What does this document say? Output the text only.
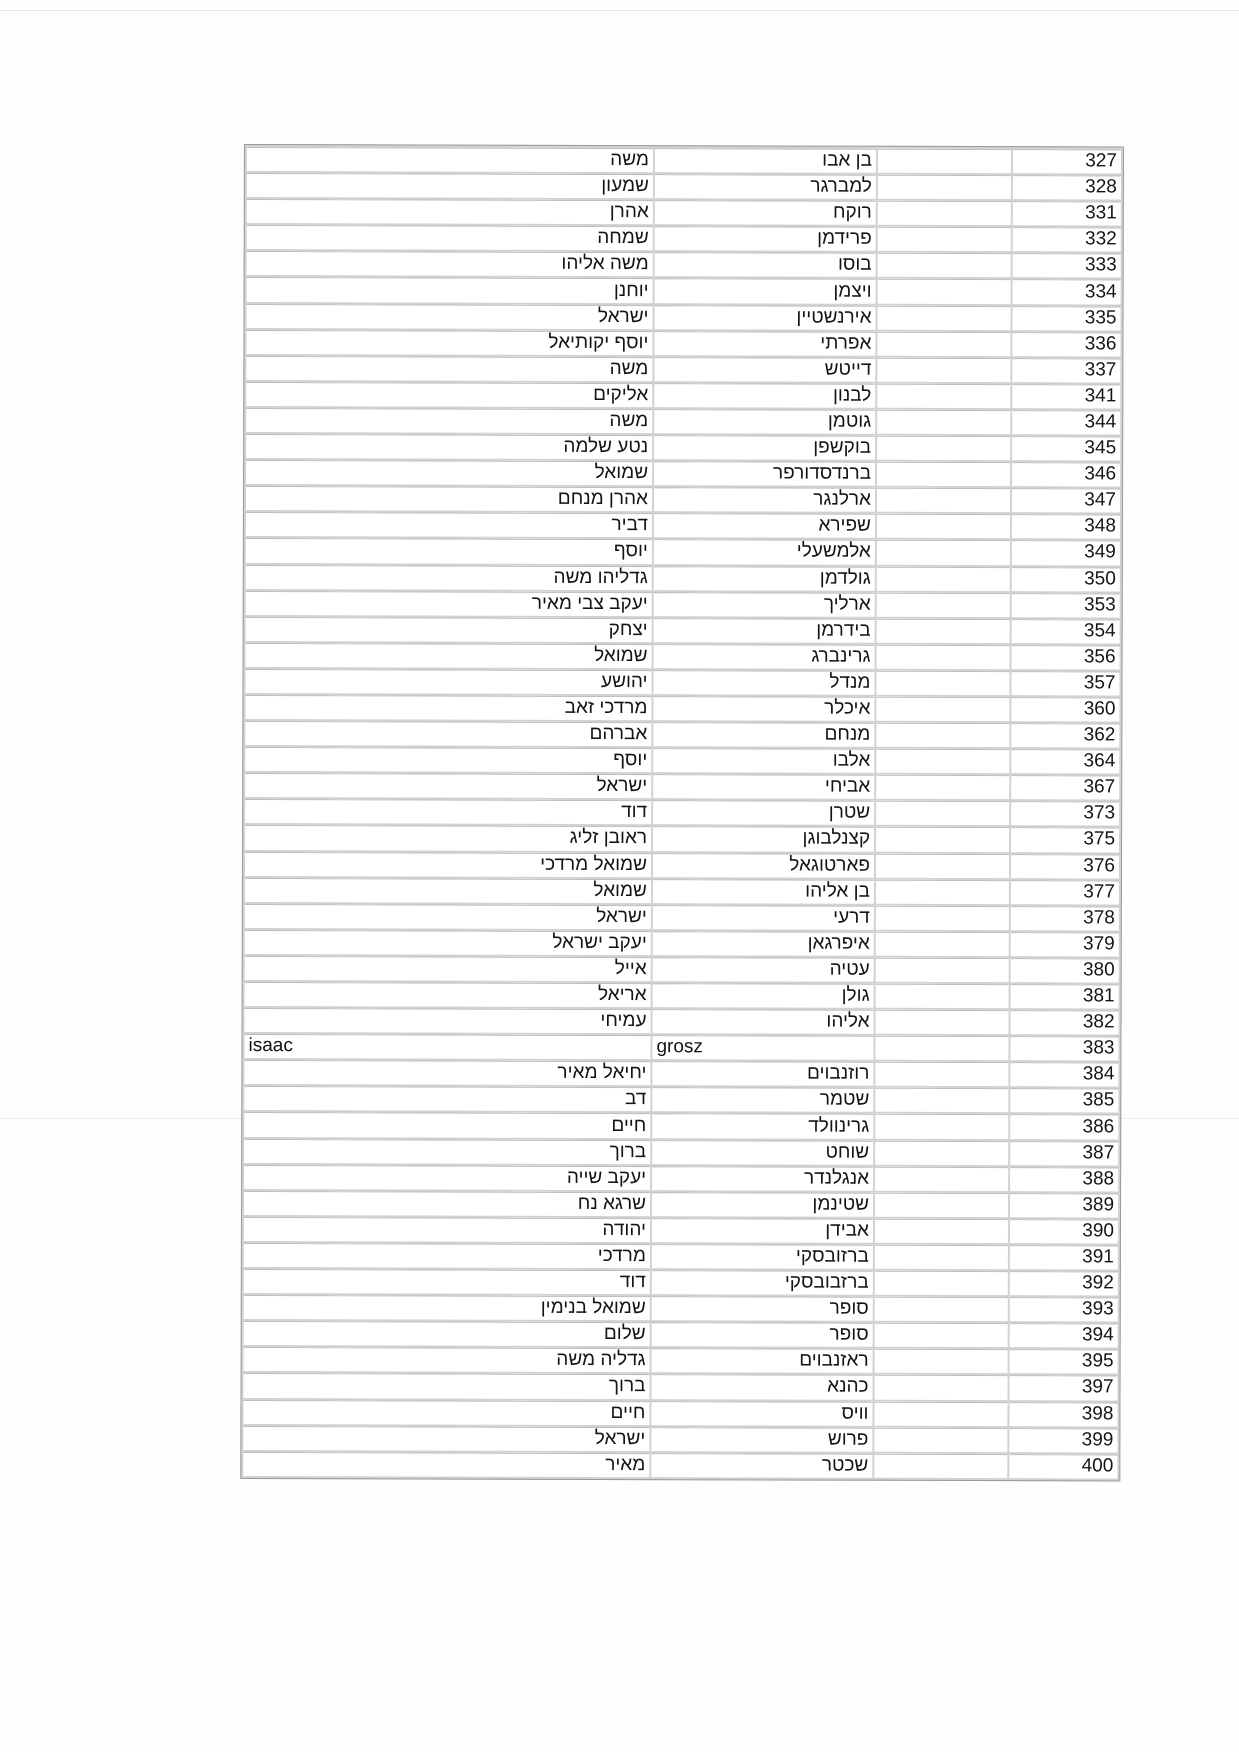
משה	בן אבו		327
שמעון	למברגר		328
אהרן	רוקח		331
שמחה	פרידמן		332
משה אליהו	בוסו		333
יוחנן	ויצמן		334
ישראל	אירנשטיין		335
יוסף יקותיאל	אפרתי		336
משה	דייטש		337
אליקים	לבנון		341
משה	גוטמן		344
נטע שלמה	בוקשפן		345
שמואל	ברנדסדורפר		346
אהרן מנחם	ארלנגר		347
דביר	שפירא		348
יוסף	אלמשעלי		349
גדליהו משה	גולדמן		350
יעקב צבי מאיר	ארליך		353
יצחק	בידרמן		354
שמואל	גרינברג		356
יהושע	מנדל		357
מרדכי זאב	איכלר		360
אברהם	מנחם		362
יוסף	אלבו		364
ישראל	אביחי		367
דוד	שטרן		373
ראובן זליג	קצנלבוגן		375
שמואל מרדכי	פארטוגאל		376
שמואל	בן אליהו		377
ישראל	דרעי		378
יעקב ישראל	איפרגאן		379
אייל	עטיה		380
אריאל	גולן		381
עמיחי	אליהו		382
isaac	grosz		383
יחיאל מאיר	רוזנבוים		384
דב	שטמר		385
חיים	גרינוולד		386
ברוך	שוחט		387
יעקב שייה	אנגלנדר		388
שרגא נח	שטינמן		389
יהודה	אבידן		390
מרדכי	ברזובסקי		391
דוד	ברזבובסקי		392
שמואל בנימין	סופר		393
שלום	סופר		394
גדליה משה	ראזנבוים		395
ברוך	כהנא		397
חיים	וויס		398
ישראל	פרוש		399
מאיר	שכטר		400
